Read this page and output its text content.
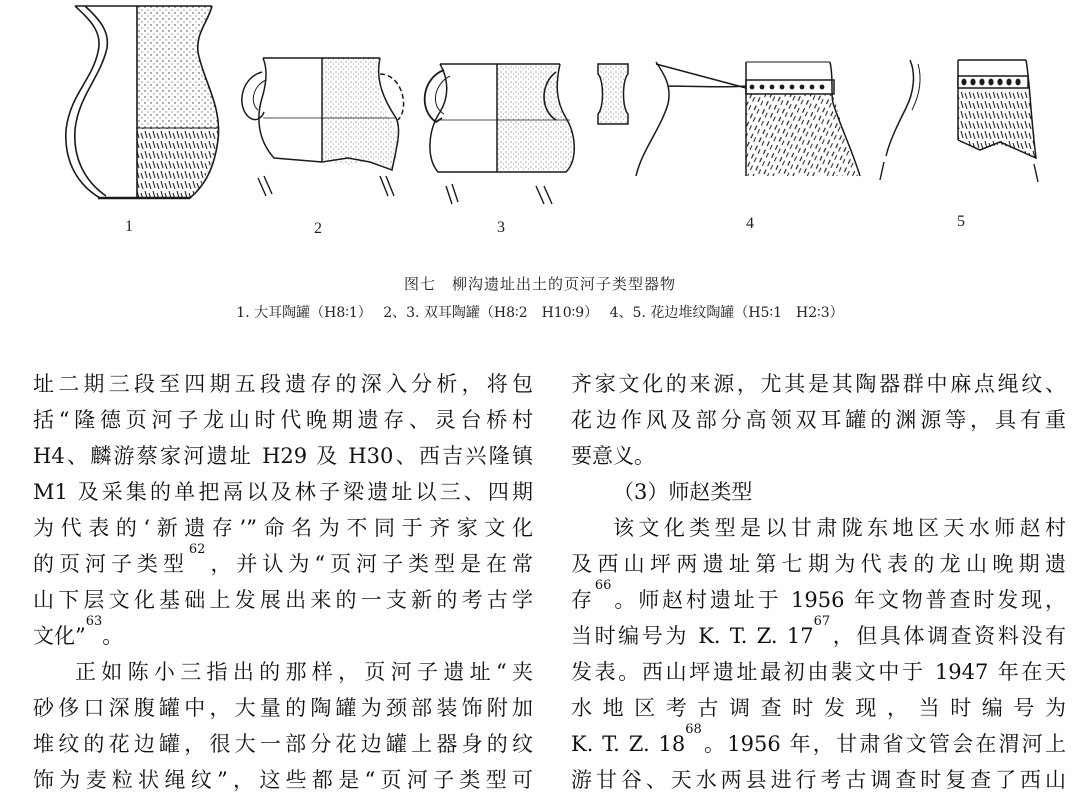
1	2	3	4	5
图七　柳沟遗址出土的页河子类型器物
1. 大耳陶罐（H8∶1）　 2、3. 双耳陶罐（H8∶2　H10∶9）　 4、5. 花边堆纹陶罐（H5∶1　H2∶3）
址二期三段至四期五段遗存的深入分析，将包
括“隆德页河子龙山时代晚期遗存、灵台桥村
H4、麟游蔡家河遗址 H29 及 H30、西吉兴隆镇
M1 及采集的单把鬲以及林子梁遗址以三、四期
为代表的‘新遗存’”命名为不同于齐家文化
的页河子类型$^{62}$，并认为“页河子类型是在常
山下层文化基础上发展出来的一支新的考古学
文化”$^{63}$。
正如陈小三指出的那样，页河子遗址“夹
砂侈口深腹罐中，大量的陶罐为颈部装饰附加
堆纹的花边罐，很大一部分花边罐上器身的纹
饰为麦粒状绳纹”，这些都是“页河子类型可
齐家文化的来源，尤其是其陶器群中麻点绳纹、
花边作风及部分高领双耳罐的渊源等，具有重
要意义。
（3）师赵类型
该文化类型是以甘肃陇东地区天水师赵村
及西山坪两遗址第七期为代表的龙山晚期遗
存$^{66}$。师赵村遗址于 1956 年文物普查时发现，
当时编号为 K. T. Z. $17^{67}$，但具体调查资料没有
发表。西山坪遗址最初由裴文中于 1947 年在天
水地区考古调查时发现，当时编号为
K. T. Z. $18^{68}$。1956 年，甘肃省文管会在渭河上
游甘谷、天水两县进行考古调查时复查了西山
